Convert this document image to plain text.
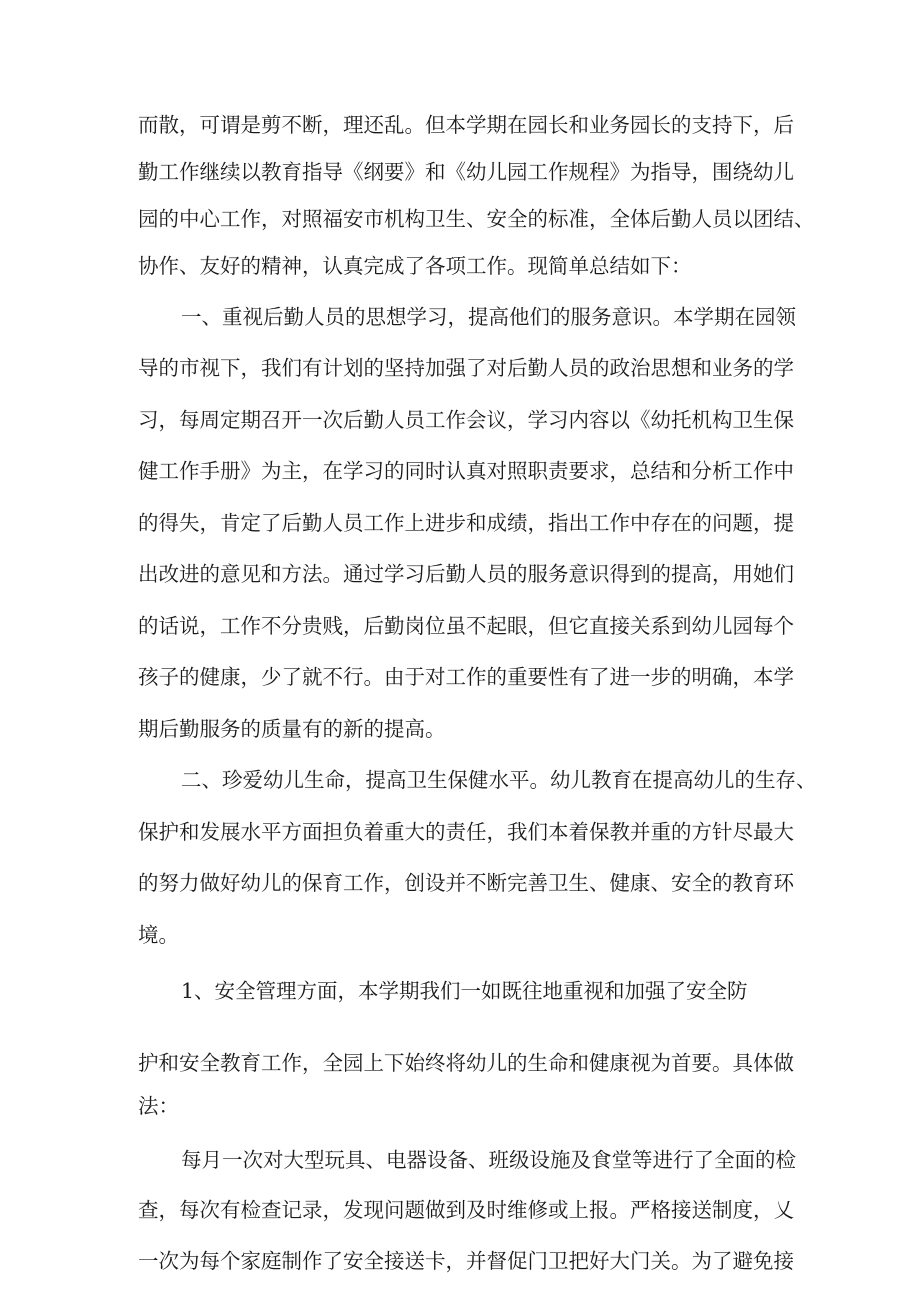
而散，可谓是剪不断，理还乱。但本学期在园长和业务园长的支持下，后
勤工作继续以教育指导《纲要》和《幼儿园工作规程》为指导，围绕幼儿
园的中心工作，对照福安市机构卫生、安全的标准，全体后勤人员以团结、
协作、友好的精神，认真完成了各项工作。现简单总结如下：
一、重视后勤人员的思想学习，提高他们的服务意识。本学期在园领
导的市视下，我们有计划的坚持加强了对后勤人员的政治思想和业务的学
习，每周定期召开一次后勤人员工作会议，学习内容以《幼托机构卫生保
健工作手册》为主，在学习的同时认真对照职责要求，总结和分析工作中
的得失，肯定了后勤人员工作上进步和成绩，指出工作中存在的问题，提
出改进的意见和方法。通过学习后勤人员的服务意识得到的提高，用她们
的话说，工作不分贵贱，后勤岗位虽不起眼，但它直接关系到幼儿园每个
孩子的健康，少了就不行。由于对工作的重要性有了进一步的明确，本学
期后勤服务的质量有的新的提高。
二、珍爱幼儿生命，提高卫生保健水平。幼儿教育在提高幼儿的生存、
保护和发展水平方面担负着重大的责任，我们本着保教并重的方针尽最大
的努力做好幼儿的保育工作，创设并不断完善卫生、健康、安全的教育环
境。
1、安全管理方面，本学期我们一如既往地重视和加强了安全防
护和安全教育工作，全园上下始终将幼儿的生命和健康视为首要。具体做
法：
每月一次对大型玩具、电器设备、班级设施及食堂等进行了全面的检
查，每次有检查记录，发现问题做到及时维修或上报。严格接送制度，乂
一次为每个家庭制作了安全接送卡，并督促门卫把好大门关。为了避免接
